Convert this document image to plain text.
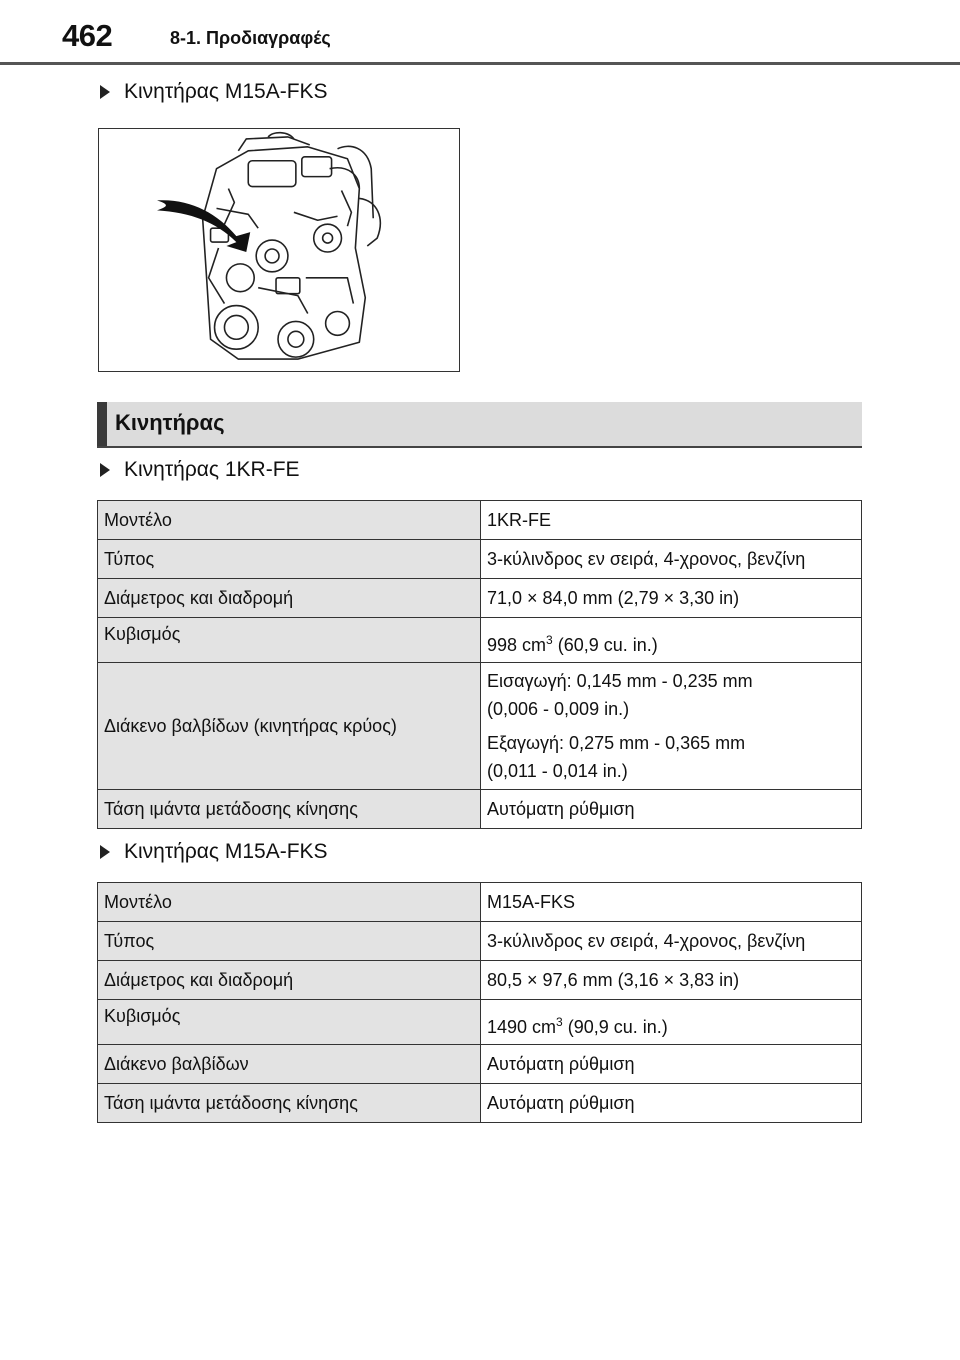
462	8-1. Προδιαγραφές
Κινητήρας M15A-FKS
Κινητήρας
Κινητήρας 1KR-FE
Μοντέλο	1KR-FE
Τύπος	3-κύλινδρος εν σειρά, 4-χρονος, βενζίνη
Διάμετρος και διαδρομή	71,0 × 84,0 mm (2,79 × 3,30 in)
Κυβισμός	998 $cm^3$ (60,9 cu. in.)
Διάκενο βαλβίδων (κινητήρας κρύος)	Εισαγωγή: 0,145 mm - 0,235 mm
(0,006 - 0,009 in.)

Εξαγωγή: 0,275 mm - 0,365 mm
(0,011 - 0,014 in.)

Τάση ιμάντα μετάδοσης κίνησης	Αυτόματη ρύθμιση
Κινητήρας M15A-FKS
Μοντέλο	M15A-FKS
Τύπος	3-κύλινδρος εν σειρά, 4-χρονος, βενζίνη
Διάμετρος και διαδρομή	80,5 × 97,6 mm (3,16 × 3,83 in)
Κυβισμός	1490 $cm^3$ (90,9 cu. in.)
Διάκενο βαλβίδων	Αυτόματη ρύθμιση
Τάση ιμάντα μετάδοσης κίνησης	Αυτόματη ρύθμιση
